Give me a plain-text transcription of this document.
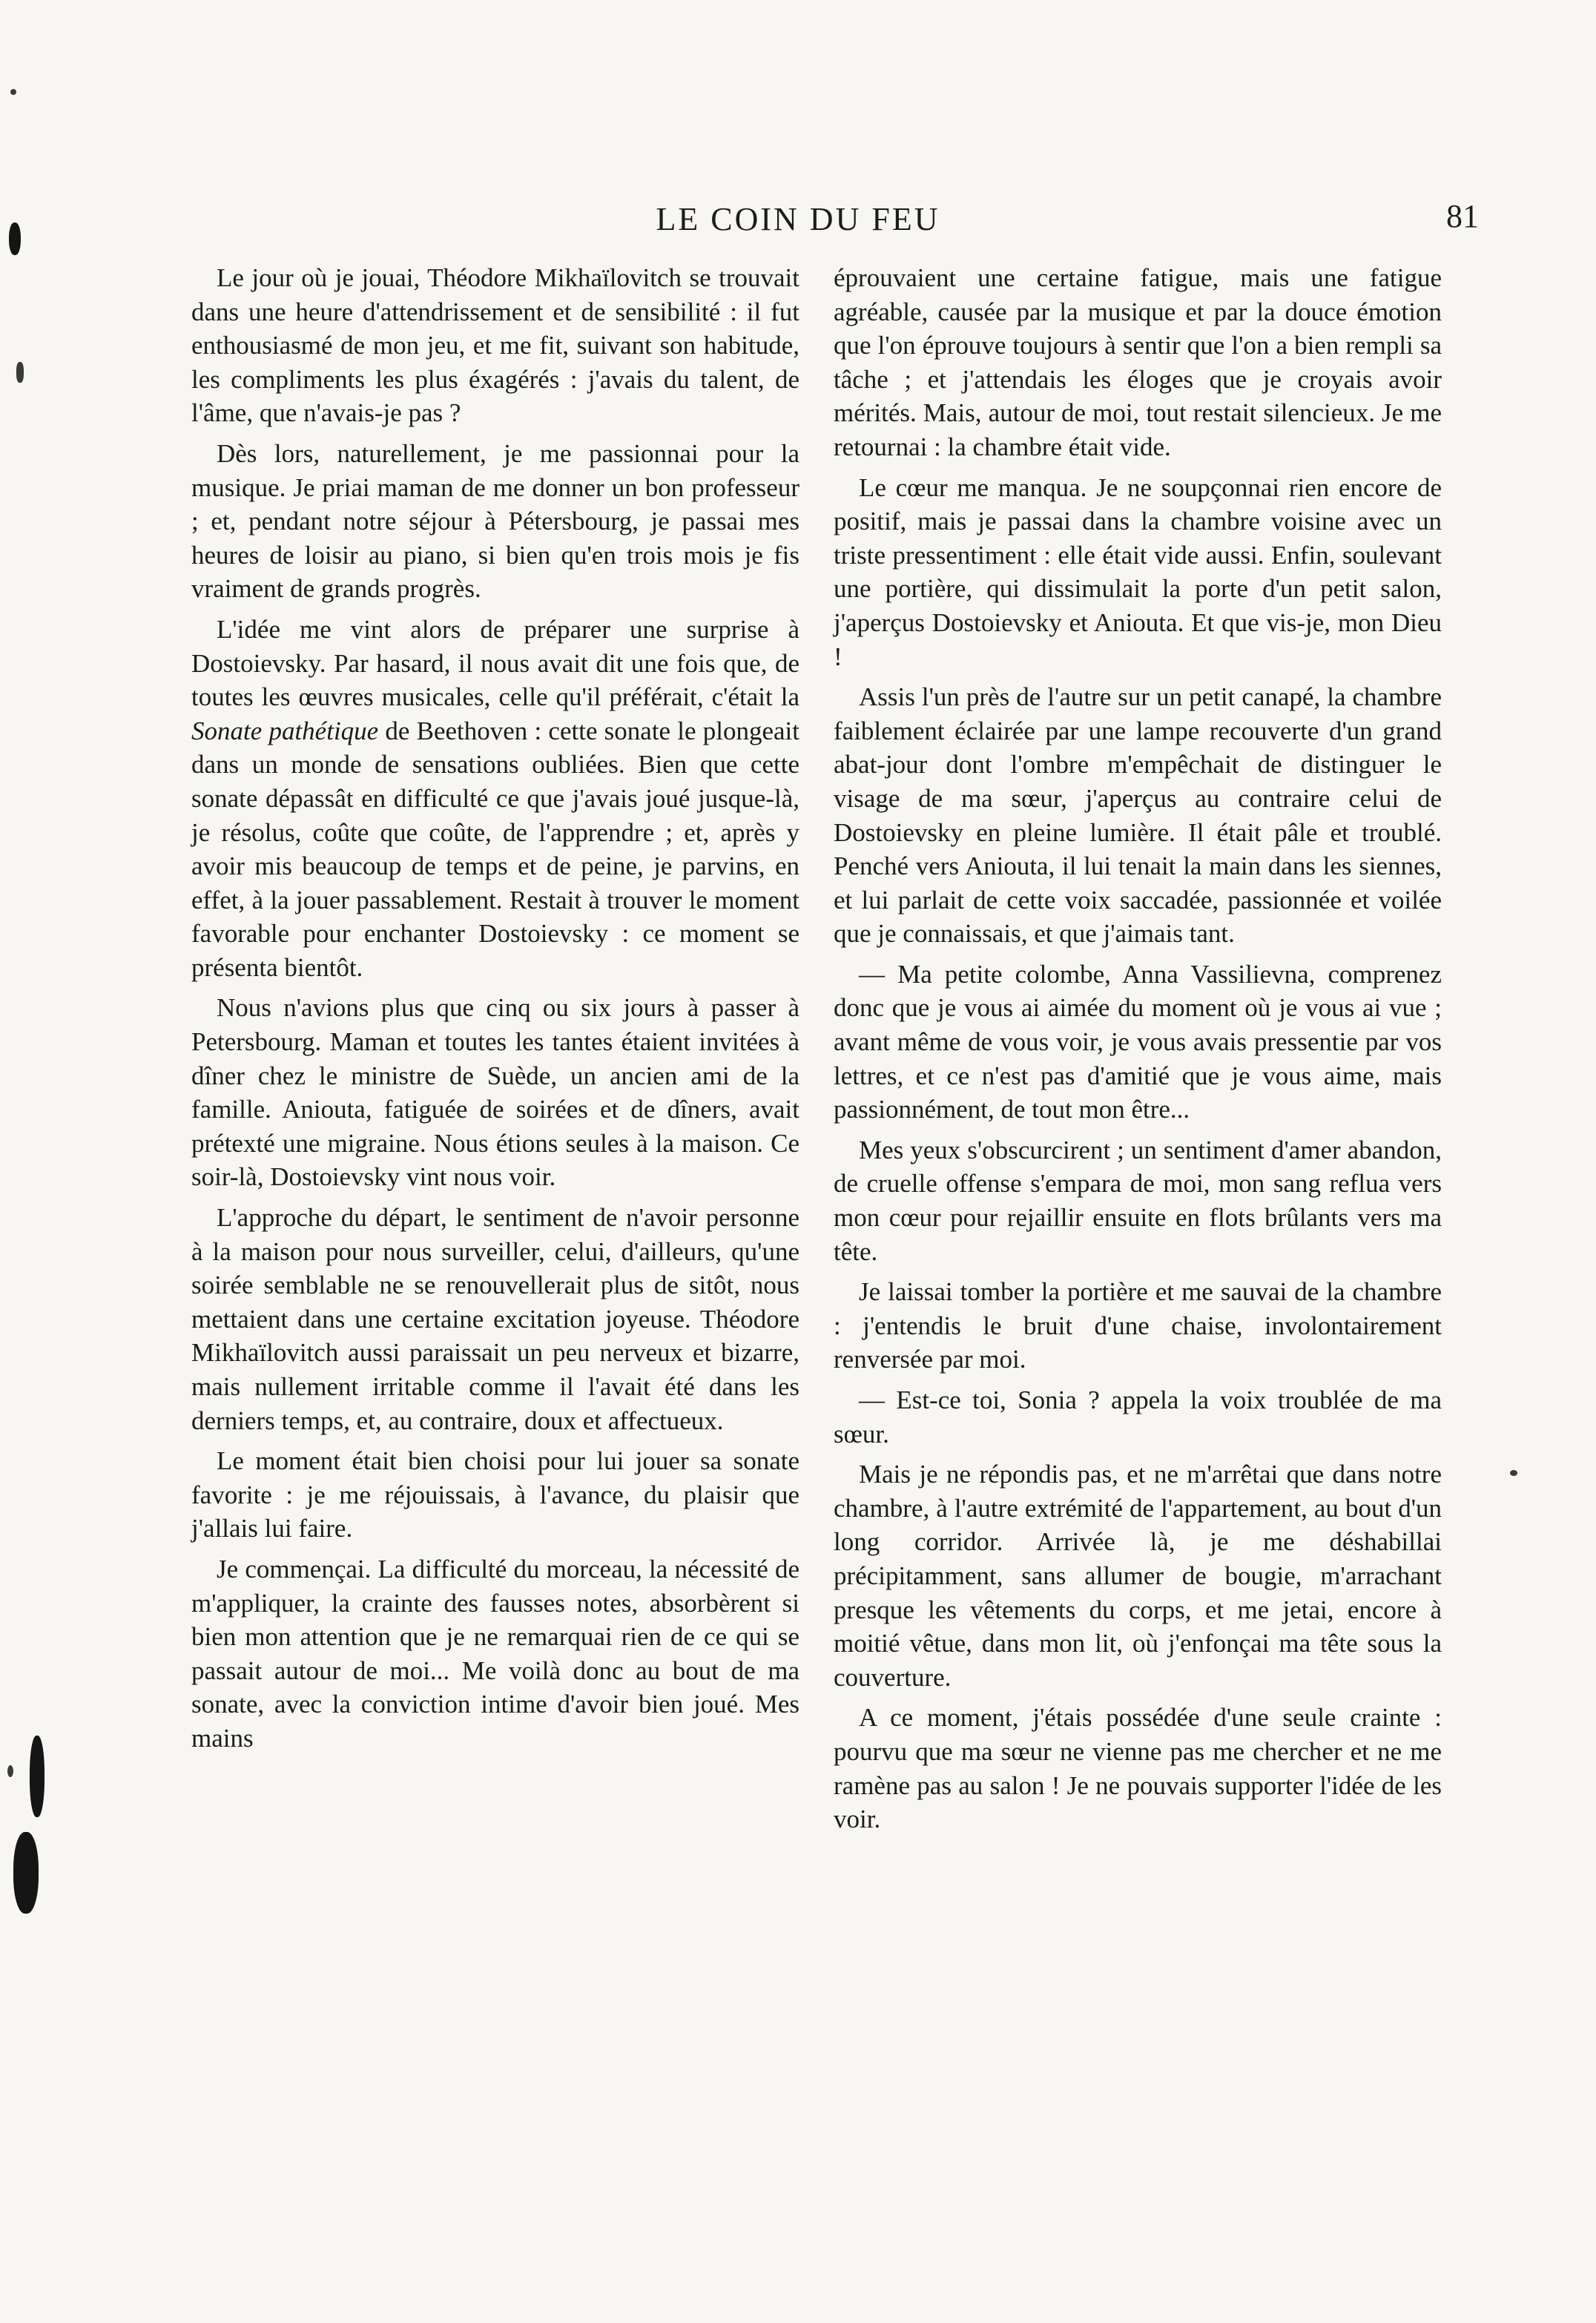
LE COIN DU FEU	81

Le jour où je jouai, Théodore Mikhaïlovitch se trouvait dans une heure d'attendrissement et de sensibilité : il fut enthousiasmé de mon jeu, et me fit, suivant son habitude, les compliments les plus éxagérés : j'avais du talent, de l'âme, que n'avais-je pas ?

Dès lors, naturellement, je me passionnai pour la musique. Je priai maman de me donner un bon professeur ; et, pendant notre séjour à Pétersbourg, je passai mes heures de loisir au piano, si bien qu'en trois mois je fis vraiment de grands progrès.

L'idée me vint alors de préparer une surprise à Dostoievsky. Par hasard, il nous avait dit une fois que, de toutes les œuvres musicales, celle qu'il préférait, c'était la Sonate pathétique de Beethoven : cette sonate le plongeait dans un monde de sensations oubliées. Bien que cette sonate dépassât en difficulté ce que j'avais joué jusque-là, je résolus, coûte que coûte, de l'apprendre ; et, après y avoir mis beaucoup de temps et de peine, je parvins, en effet, à la jouer passablement. Restait à trouver le moment favorable pour enchanter Dostoievsky : ce moment se présenta bientôt.

Nous n'avions plus que cinq ou six jours à passer à Petersbourg. Maman et toutes les tantes étaient invitées à dîner chez le ministre de Suède, un ancien ami de la famille. Aniouta, fatiguée de soirées et de dîners, avait prétexté une migraine. Nous étions seules à la maison. Ce soir-là, Dostoievsky vint nous voir.

L'approche du départ, le sentiment de n'avoir personne à la maison pour nous surveiller, celui, d'ailleurs, qu'une soirée semblable ne se renouvellerait plus de sitôt, nous mettaient dans une certaine excitation joyeuse. Théodore Mikhaïlovitch aussi paraissait un peu nerveux et bizarre, mais nullement irritable comme il l'avait été dans les derniers temps, et, au contraire, doux et affectueux.

Le moment était bien choisi pour lui jouer sa sonate favorite : je me réjouissais, à l'avance, du plaisir que j'allais lui faire.

Je commençai. La difficulté du morceau, la nécessité de m'appliquer, la crainte des fausses notes, absorbèrent si bien mon attention que je ne remarquai rien de ce qui se passait autour de moi... Me voilà donc au bout de ma sonate, avec la conviction intime d'avoir bien joué. Mes mains

éprouvaient une certaine fatigue, mais une fatigue agréable, causée par la musique et par la douce émotion que l'on éprouve toujours à sentir que l'on a bien rempli sa tâche ; et j'attendais les éloges que je croyais avoir mérités. Mais, autour de moi, tout restait silencieux. Je me retournai : la chambre était vide.

Le cœur me manqua. Je ne soupçonnai rien encore de positif, mais je passai dans la chambre voisine avec un triste pressentiment : elle était vide aussi. Enfin, soulevant une portière, qui dissimulait la porte d'un petit salon, j'aperçus Dostoievsky et Aniouta. Et que vis-je, mon Dieu !

Assis l'un près de l'autre sur un petit canapé, la chambre faiblement éclairée par une lampe recouverte d'un grand abat-jour dont l'ombre m'empêchait de distinguer le visage de ma sœur, j'aperçus au contraire celui de Dostoievsky en pleine lumière. Il était pâle et troublé. Penché vers Aniouta, il lui tenait la main dans les siennes, et lui parlait de cette voix saccadée, passionnée et voilée que je connaissais, et que j'aimais tant.

— Ma petite colombe, Anna Vassilievna, comprenez donc que je vous ai aimée du moment où je vous ai vue ; avant même de vous voir, je vous avais pressentie par vos lettres, et ce n'est pas d'amitié que je vous aime, mais passionnément, de tout mon être...

Mes yeux s'obscurcirent ; un sentiment d'amer abandon, de cruelle offense s'empara de moi, mon sang reflua vers mon cœur pour rejaillir ensuite en flots brûlants vers ma tête.

Je laissai tomber la portière et me sauvai de la chambre : j'entendis le bruit d'une chaise, involontairement renversée par moi.

— Est-ce toi, Sonia ? appela la voix troublée de ma sœur.

Mais je ne répondis pas, et ne m'arrêtai que dans notre chambre, à l'autre extrémité de l'appartement, au bout d'un long corridor. Arrivée là, je me déshabillai précipitamment, sans allumer de bougie, m'arrachant presque les vêtements du corps, et me jetai, encore à moitié vêtue, dans mon lit, où j'enfonçai ma tête sous la couverture.

A ce moment, j'étais possédée d'une seule crainte : pourvu que ma sœur ne vienne pas me chercher et ne me ramène pas au salon ! Je ne pouvais supporter l'idée de les voir.
